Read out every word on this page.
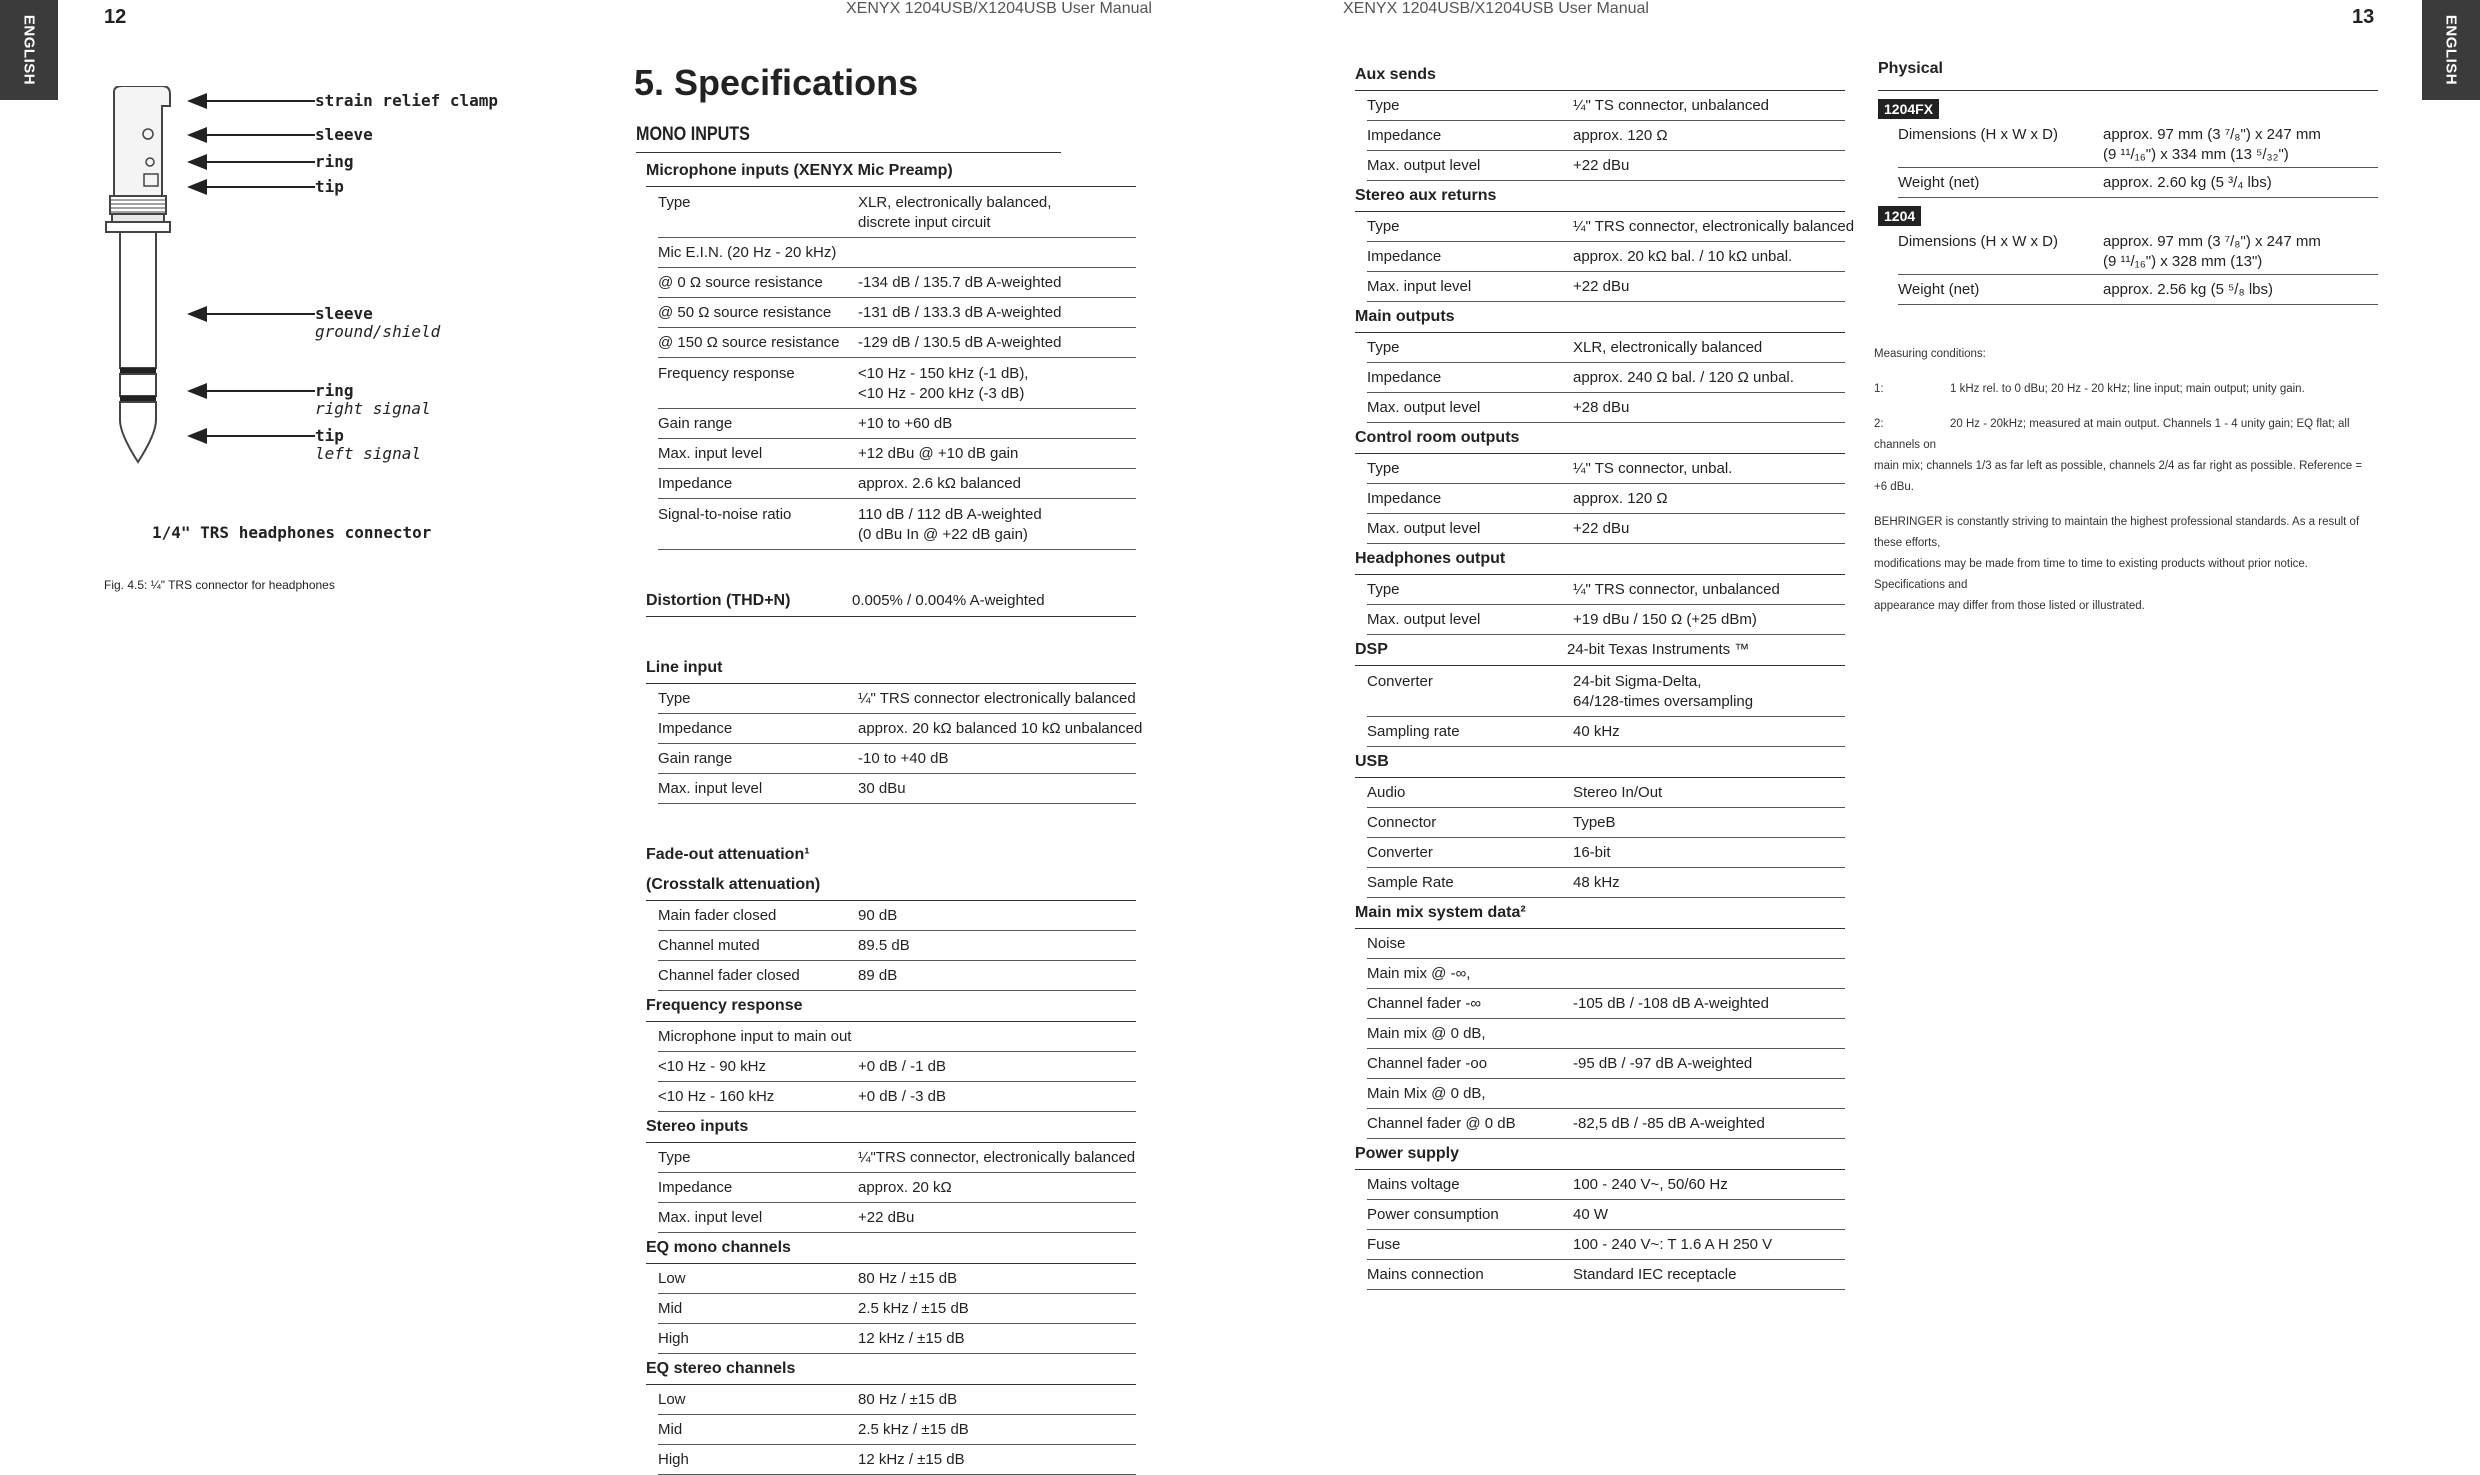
ENGLISH	ENGLISH
12	13
XENYX 1204USB/X1204USB User Manual	XENYX 1204USB/X1204USB User Manual
strain relief clamp
sleeve
ring
tip
sleeve
ground/shield
ring
right signal
tip
left signal
1/4" TRS headphones connector
Fig. 4.5: ¼" TRS connector for headphones
5. Specifications
MONO INPUTS
Microphone inputs (XENYX Mic Preamp)
Type	XLR, electronically balanced,
discrete input circuit
Mic E.I.N. (20 Hz - 20 kHz)
@ 0 Ω source resistance -134 dB / 135.7 dB A-weighted
@ 50 Ω source resistance -131 dB / 133.3 dB A-weighted
@ 150 Ω source resistance -129 dB / 130.5 dB A-weighted
Frequency response	<10 Hz - 150 kHz (-1 dB),
<10 Hz - 200 kHz (-3 dB)
Gain range	+10 to +60 dB
Max. input level	+12 dBu @ +10 dB gain
Impedance	approx. 2.6 kΩ balanced
Signal-to-noise ratio	110 dB / 112 dB A-weighted
(0 dBu In @ +22 dB gain)
Distortion (THD+N)	0.005% / 0.004% A-weighted
Line input
Type	¼" TRS connector electronically balanced
Impedance	approx. 20 kΩ balanced 10 kΩ unbalanced
Gain range	-10 to +40 dB
Max. input level	30 dBu
Fade-out attenuation¹
(Crosstalk attenuation)
Main fader closed	90 dB
Channel muted	89.5 dB
Channel fader closed	89 dB
Frequency response
Microphone input to main out
<10 Hz - 90 kHz	+0 dB / -1 dB
<10 Hz - 160 kHz	+0 dB / -3 dB
Stereo inputs
Type	¼"TRS connector, electronically balanced
Impedance	approx. 20 kΩ
Max. input level	+22 dBu
EQ mono channels
Low	80 Hz / ±15 dB
Mid	2.5 kHz / ±15 dB
High	12 kHz / ±15 dB
EQ stereo channels
Low	80 Hz / ±15 dB
Mid	2.5 kHz / ±15 dB
High	12 kHz / ±15 dB
Aux sends
Type	¼" TS connector, unbalanced
Impedance	approx. 120 Ω
Max. output level	+22 dBu
Stereo aux returns
Type	¼" TRS connector, electronically balanced
Impedance	approx. 20 kΩ bal. / 10 kΩ unbal.
Max. input level	+22 dBu
Main outputs
Type	XLR, electronically balanced
Impedance	approx. 240 Ω bal. / 120 Ω unbal.
Max. output level	+28 dBu
Control room outputs
Type	¼" TS connector, unbal.
Impedance	approx. 120 Ω
Max. output level	+22 dBu
Headphones output
Type	¼" TRS connector, unbalanced
Max. output level	+19 dBu / 150 Ω (+25 dBm)
DSP	24-bit Texas Instruments ™
Converter	24-bit Sigma-Delta,
64/128-times oversampling
Sampling rate	40 kHz
USB
Audio	Stereo In/Out
Connector	TypeB
Converter	16-bit
Sample Rate	48 kHz
Main mix system data²
Noise
Main mix @ -∞,
Channel fader -∞	-105 dB / -108 dB A-weighted
Main mix @ 0 dB,
Channel fader -oo	-95 dB / -97 dB A-weighted
Main Mix @ 0 dB,
Channel fader @ 0 dB	-82,5 dB / -85 dB A-weighted
Power supply
Mains voltage	100 - 240 V~, 50/60 Hz
Power consumption	40 W
Fuse	100 - 240 V~: T 1.6 A H 250 V
Mains connection	Standard IEC receptacle
Physical
1204FX
Dimensions (H x W x D)	approx. 97 mm (3 ⁷/₈") x 247 mm
(9 ¹¹/₁₆") x 334 mm (13 ⁵/₃₂")
Weight (net)	approx. 2.60 kg (5 ³/₄ lbs)
1204
Dimensions (H x W x D)	approx. 97 mm (3 ⁷/₈") x 247 mm
(9 ¹¹/₁₆") x 328 mm (13")
Weight (net)	approx. 2.56 kg (5 ⁵/₈ lbs)
Measuring conditions:
1:	1 kHz rel. to 0 dBu; 20 Hz - 20 kHz; line input; main output; unity gain.
2:	20 Hz - 20kHz; measured at main output. Channels 1 - 4 unity gain; EQ flat; all channels on
main mix; channels 1/3 as far left as possible, channels 2/4 as far right as possible. Reference = +6 dBu.
BEHRINGER is constantly striving to maintain the highest professional standards. As a result of these efforts,
modifications may be made from time to time to existing products without prior notice. Specifications and
appearance may differ from those listed or illustrated.
